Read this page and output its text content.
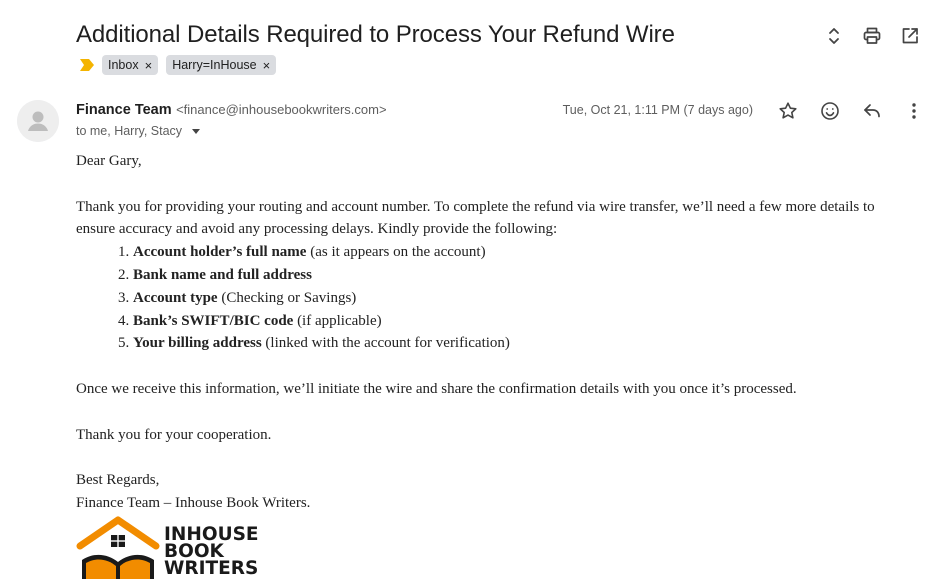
Additional Details Required to Process Your Refund Wire
Inbox × Harry=InHouse ×
Finance Team <finance@inhousebookwriters.com>
to me, Harry, Stacy
Tue, Oct 21, 1:11 PM (7 days ago)

Dear Gary,

Thank you for providing your routing and account number. To complete the refund via wire transfer, we’ll need a few more details to ensure accuracy and avoid any processing delays. Kindly provide the following:

1. Account holder’s full name (as it appears on the account)
2. Bank name and full address
3. Account type (Checking or Savings)
4. Bank’s SWIFT/BIC code (if applicable)
5. Your billing address (linked with the account for verification)

Once we receive this information, we’ll initiate the wire and share the confirmation details with you once it’s processed.

Thank you for your cooperation.

Best Regards,

Finance Team – Inhouse Book Writers.

INHOUSE
BOOK
WRITERS
